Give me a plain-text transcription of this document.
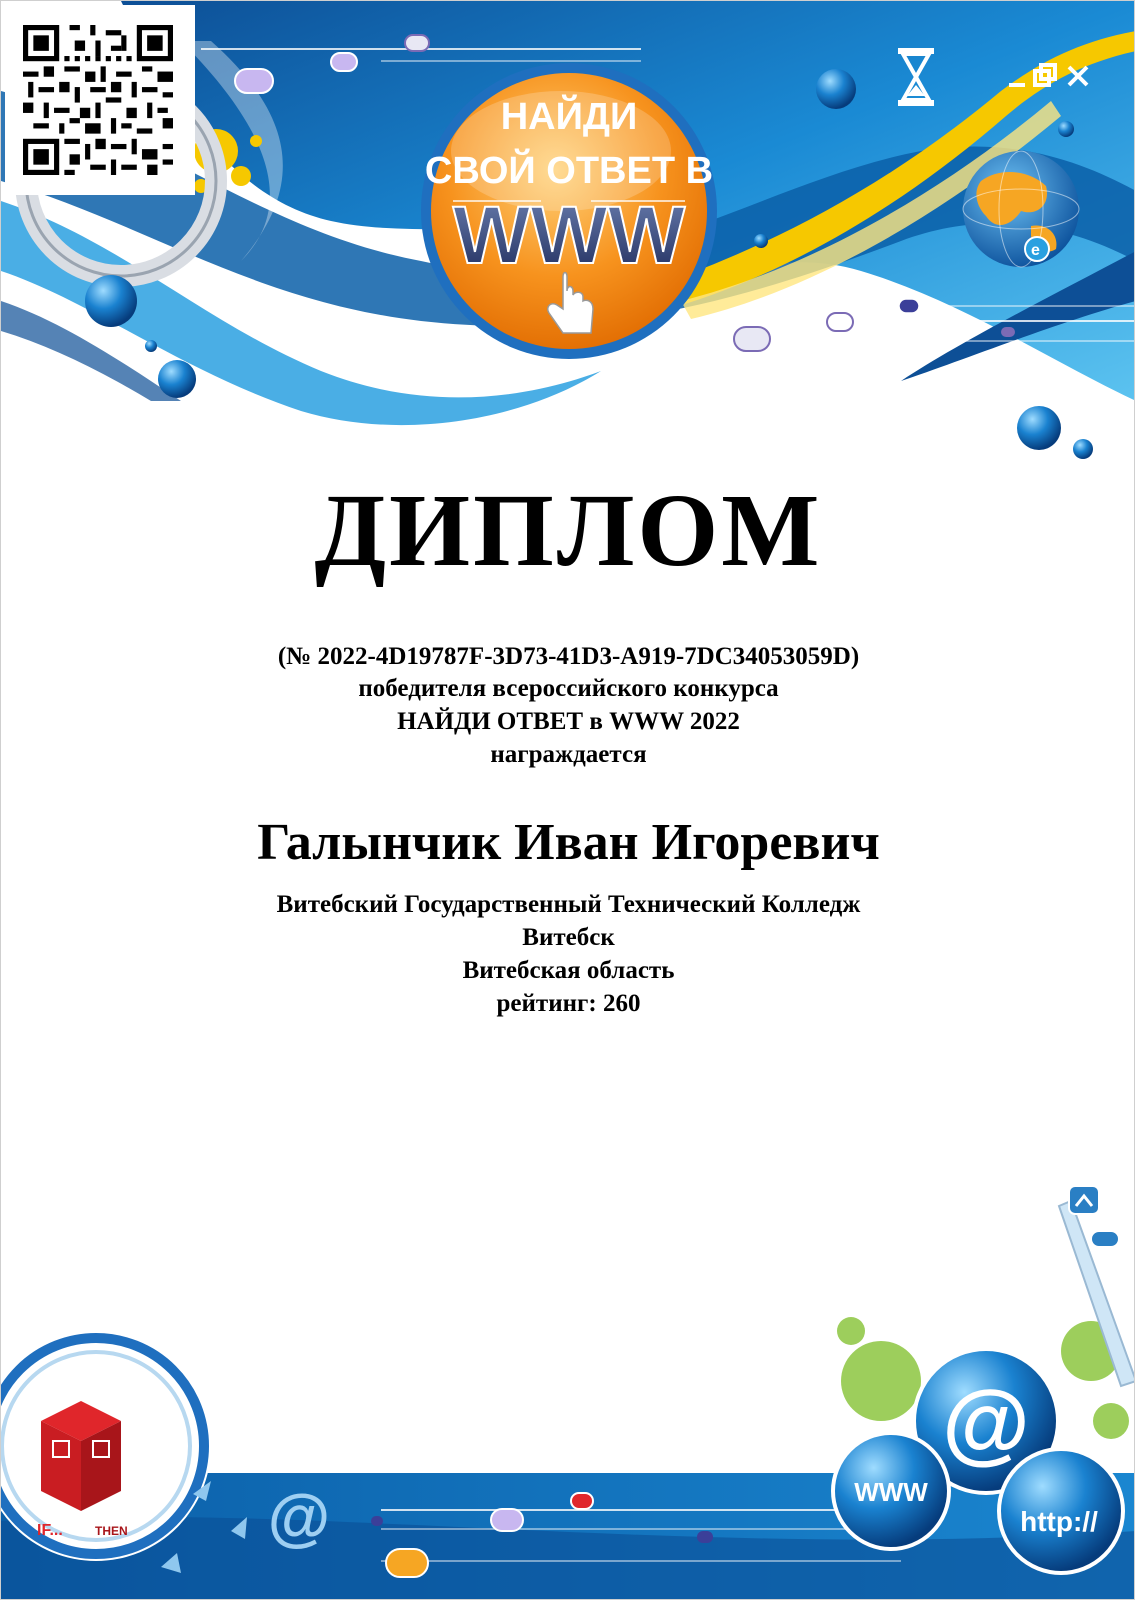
e
НАЙДИ
СВОЙ ОТВЕТ В
WWW
IF...	THEN
@
WWW
http://
@
ДИПЛОМ
(№ 2022-4D19787F-3D73-41D3-A919-7DC34053059D)
победителя всероссийского конкурса
НАЙДИ ОТВЕТ в WWW 2022
награждается
Галынчик Иван Игоревич
Витебский Государственный Технический Колледж
Витебск
Витебская область
рейтинг: 260
